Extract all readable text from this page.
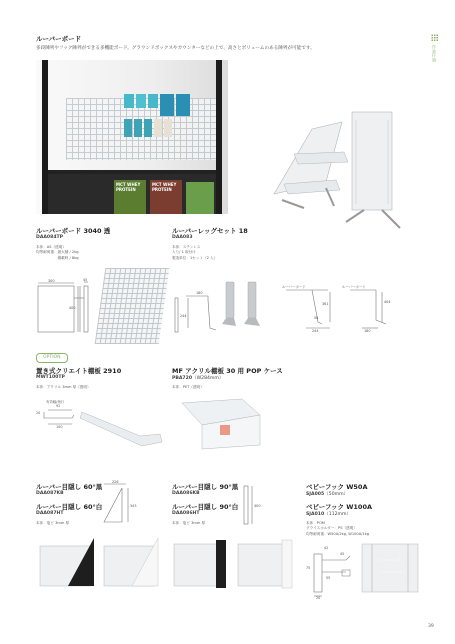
ルーバーボード
多段陳列やフック陳列ができる多機能ボード。グラウンドボックスやカウンターなどの上で、高さとボリュームのある陳列が可能です。	作業什器
MCT WHEY PROTEIN
MCT WHEY PROTEIN
ルーバーボード 3040 透
DAA084TP
本体：AS（透明）
均等耐荷重：最大積 / 2kg
　　　　　　積載時 / 8kg
300
400
45
ルーバーレッグセット 18
DAA083
本体：ステンレス
入り/ 1 取付け
製造単位：1セット（2 入）
180
244
ルーバーボード	ルーバーボード
361
58
244
404
180
OPTION
置き式クリエイト棚板 2910
MWT100TP
本体：アクリル 3mm 厚（透明）
有効幅/奥行
92
20
100
MF アクリル棚板 30 用 POP ケース
PBA720（W284mm）
本体：PET（透明）
ルーバー目隠し 60°黒
DAA087KB
ルーバー目隠し 60°白
DAA087HT
本体：塩ビ 3mm 厚
226
343
ルーバー目隠し 90°黒
DAA086KB
ルーバー目隠し 90°白
DAA086HT
本体：塩ビ 3mm 厚
400
ベビーフック W50A
SJA005（50mm）
ベビーフック W100A
SJA010（112mm）
本体：POM
プライスホルダー：PS（透明）
均等耐荷重：W50A/2kg, W100A/1kg
42
45
75
55
20
39
